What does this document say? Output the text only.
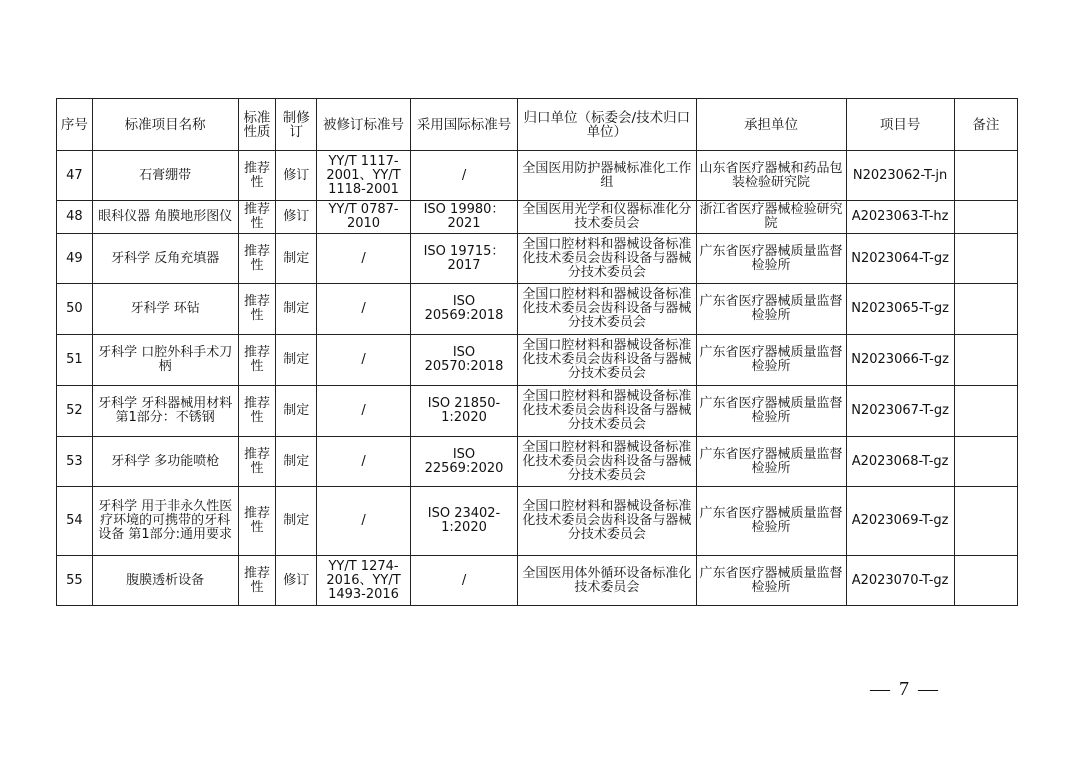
序号	标准项目名称	标准性质	制修订	被修订标准号	采用国际标准号	归口单位（标委会/技术归口单位）	承担单位	项目号	备注
47	石膏绷带	推荐性	修订	YY/T 1117-2001、YY/T 1118-2001	/	全国医用防护器械标准化工作组	山东省医疗器械和药品包装检验研究院	N2023062-T-jn	
48	眼科仪器 角膜地形图仪	推荐性	修订	YY/T 0787-2010	ISO 19980：2021	全国医用光学和仪器标准化分技术委员会	浙江省医疗器械检验研究院	A2023063-T-hz	
49	牙科学 反角充填器	推荐性	制定	/	ISO 19715：2017	全国口腔材料和器械设备标准化技术委员会齿科设备与器械分技术委员会	广东省医疗器械质量监督检验所	N2023064-T-gz	
50	牙科学 环钻	推荐性	制定	/	ISO 20569:2018	全国口腔材料和器械设备标准化技术委员会齿科设备与器械分技术委员会	广东省医疗器械质量监督检验所	N2023065-T-gz	
51	牙科学 口腔外科手术刀柄	推荐性	制定	/	ISO 20570:2018	全国口腔材料和器械设备标准化技术委员会齿科设备与器械分技术委员会	广东省医疗器械质量监督检验所	N2023066-T-gz	
52	牙科学 牙科器械用材料 第1部分：不锈钢	推荐性	制定	/	ISO 21850-1:2020	全国口腔材料和器械设备标准化技术委员会齿科设备与器械分技术委员会	广东省医疗器械质量监督检验所	N2023067-T-gz	
53	牙科学 多功能喷枪	推荐性	制定	/	ISO 22569:2020	全国口腔材料和器械设备标准化技术委员会齿科设备与器械分技术委员会	广东省医疗器械质量监督检验所	A2023068-T-gz	
54	牙科学 用于非永久性医疗环境的可携带的牙科设备 第1部分:通用要求	推荐性	制定	/	ISO 23402-1:2020	全国口腔材料和器械设备标准化技术委员会齿科设备与器械分技术委员会	广东省医疗器械质量监督检验所	A2023069-T-gz	
55	腹膜透析设备	推荐性	修订	YY/T 1274-2016、YY/T 1493-2016	/	全国医用体外循环设备标准化技术委员会	广东省医疗器械质量监督检验所	A2023070-T-gz	
— 7 —
